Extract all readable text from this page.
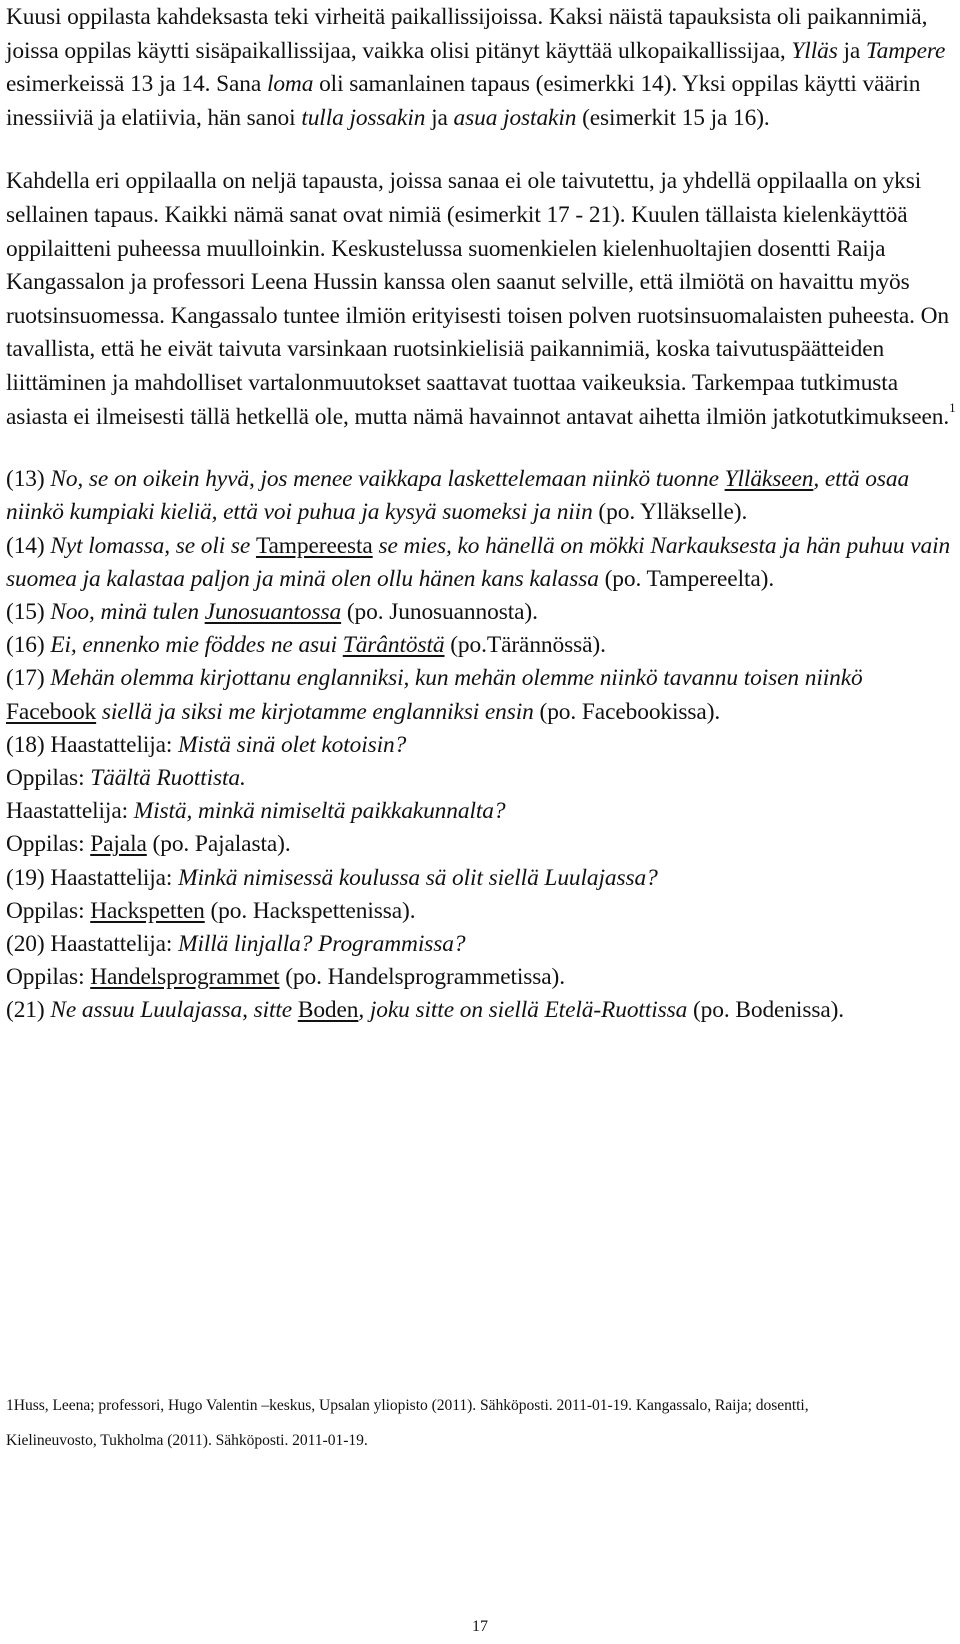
Kuusi oppilasta kahdeksasta teki virheitä paikallissijoissa. Kaksi näistä tapauksista oli paikannimiä, joissa oppilas käytti sisäpaikallissijaa, vaikka olisi pitänyt käyttää ulkopaikallissijaa, Ylläs ja Tampere esimerkeissä 13 ja 14. Sana loma oli samanlainen tapaus (esimerkki 14). Yksi oppilas käytti väärin inessiiviä ja elatiivia, hän sanoi tulla jossakin ja asua jostakin (esimerkit 15 ja 16).

Kahdella eri oppilaalla on neljä tapausta, joissa sanaa ei ole taivutettu, ja yhdellä oppilaalla on yksi sellainen tapaus. Kaikki nämä sanat ovat nimiä (esimerkit 17 - 21). Kuulen tällaista kielenkäyttöä oppilaitteni puheessa muulloinkin. Keskustelussa suomenkielen kielenhuoltajien dosentti Raija Kangassalon ja professori Leena Hussin kanssa olen saanut selville, että ilmiötä on havaittu myös ruotsinsuomessa. Kangassalo tuntee ilmiön erityisesti toisen polven ruotsinsuomalaisten puheesta. On tavallista, että he eivät taivuta varsinkaan ruotsinkielisiä paikannimiä, koska taivutuspäätteiden liittäminen ja mahdolliset vartalonmuutokset saattavat tuottaa vaikeuksia. Tarkempaa tutkimusta asiasta ei ilmeisesti tällä hetkellä ole, mutta nämä havainnot antavat aihetta ilmiön jatkotutkimukseen.$^1$

(13) No, se on oikein hyvä, jos menee vaikkapa laskettelemaan niinkö tuonne Ylläkseen, että osaa niinkö kumpiaki kieliä, että voi puhua ja kysyä suomeksi ja niin (po. Ylläkselle).

(14) Nyt lomassa, se oli se Tampereesta se mies, ko hänellä on mökki Narkauksesta ja hän puhuu vain suomea ja kalastaa paljon ja minä olen ollu hänen kans kalassa (po. Tampereelta).

(15) Noo, minä tulen Junosuantossa (po. Junosuannosta).

(16) Ei, ennenko mie föddes ne asui Tärântöstä (po.Tärännössä).

(17) Mehän olemma kirjottanu englanniksi, kun mehän olemme niinkö tavannu toisen niinkö Facebook siellä ja siksi me kirjotamme englanniksi ensin (po. Facebookissa).

(18) Haastattelija: Mistä sinä olet kotoisin?

Oppilas: Täältä Ruottista.

Haastattelija: Mistä, minkä nimiseltä paikkakunnalta?

Oppilas: Pajala (po. Pajalasta).

(19) Haastattelija: Minkä nimisessä koulussa sä olit siellä Luulajassa?

Oppilas: Hackspetten (po. Hackspettenissa).

(20) Haastattelija: Millä linjalla? Programmissa?

Oppilas: Handelsprogrammet (po. Handelsprogrammetissa).

(21) Ne assuu Luulajassa, sitte Boden, joku sitte on siellä Etelä-Ruottissa (po. Bodenissa).

1Huss, Leena; professori, Hugo Valentin –keskus, Upsalan yliopisto (2011). Sähköposti. 2011-01-19. Kangassalo, Raija; dosentti,

Kielineuvosto, Tukholma (2011). Sähköposti. 2011-01-19.

17
